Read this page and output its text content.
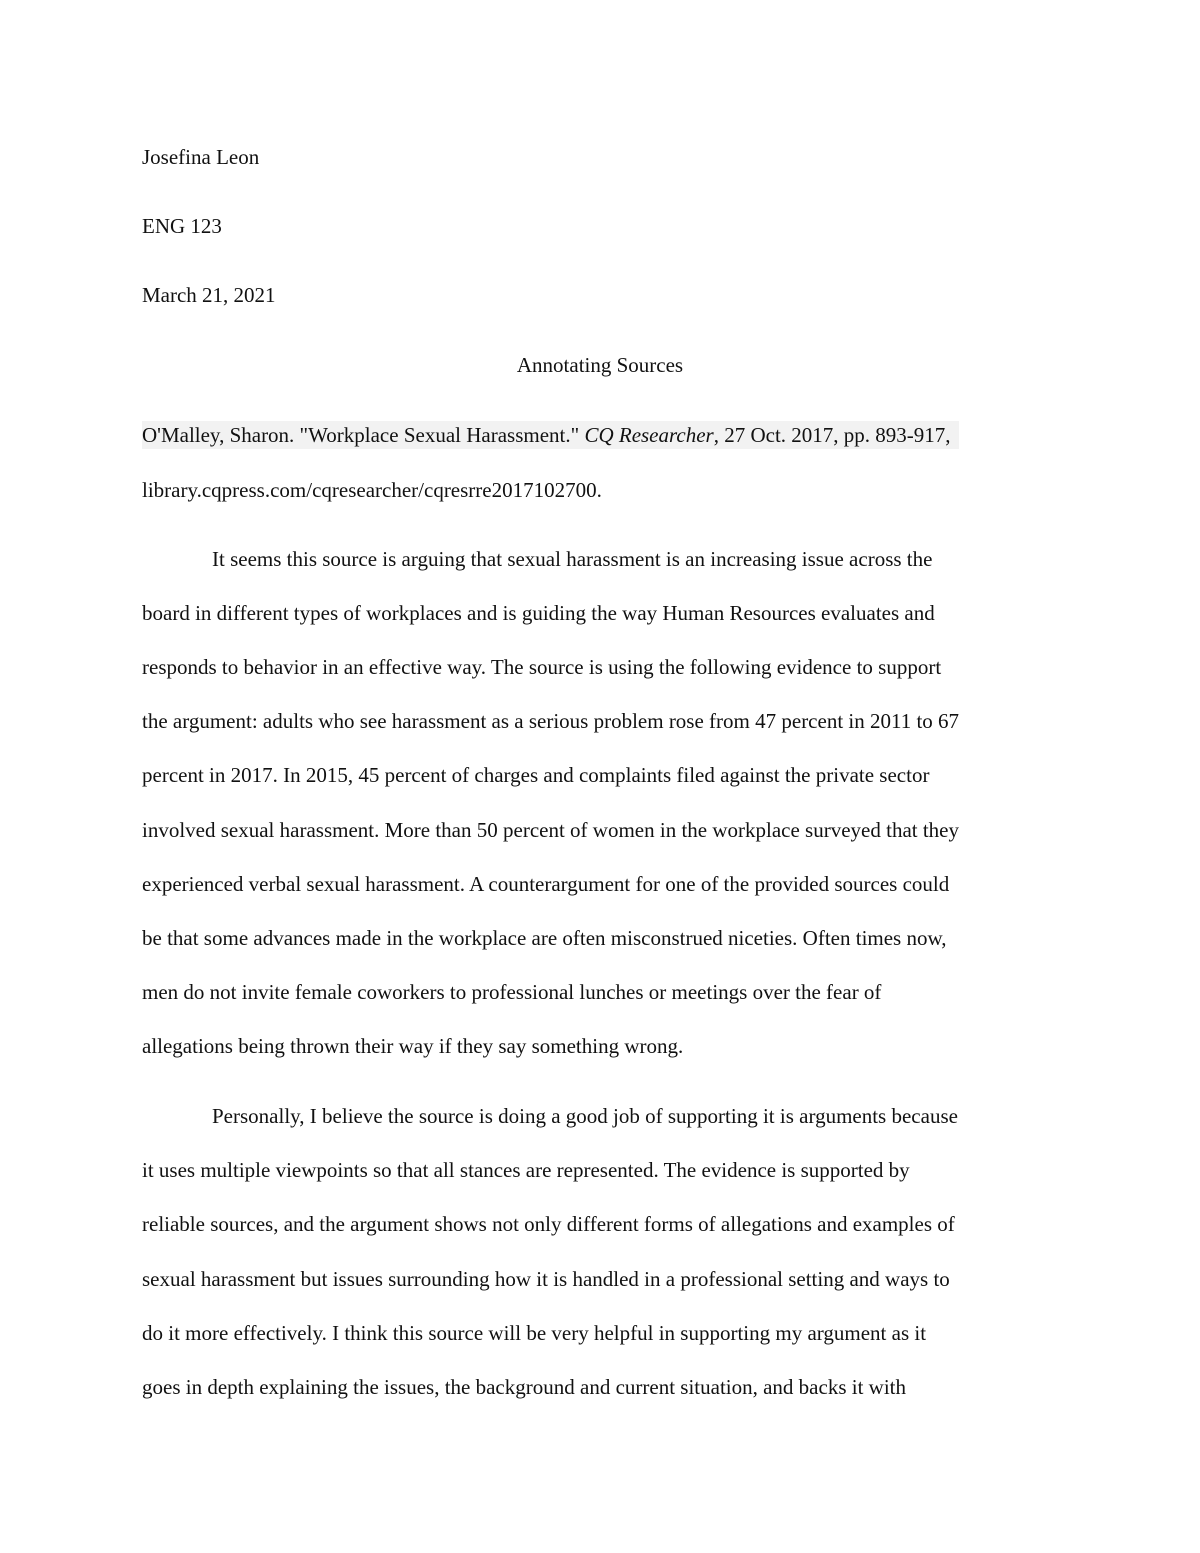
Josefina Leon
ENG 123
March 21, 2021
Annotating Sources
O'Malley, Sharon. "Workplace Sexual Harassment." CQ Researcher, 27 Oct. 2017, pp. 893-917,
library.cqpress.com/cqresearcher/cqresrre2017102700.
It seems this source is arguing that sexual harassment is an increasing issue across the
board in different types of workplaces and is guiding the way Human Resources evaluates and
responds to behavior in an effective way. The source is using the following evidence to support
the argument: adults who see harassment as a serious problem rose from 47 percent in 2011 to 67
percent in 2017. In 2015, 45 percent of charges and complaints filed against the private sector
involved sexual harassment. More than 50 percent of women in the workplace surveyed that they
experienced verbal sexual harassment. A counterargument for one of the provided sources could
be that some advances made in the workplace are often misconstrued niceties. Often times now,
men do not invite female coworkers to professional lunches or meetings over the fear of
allegations being thrown their way if they say something wrong.
Personally, I believe the source is doing a good job of supporting it is arguments because
it uses multiple viewpoints so that all stances are represented. The evidence is supported by
reliable sources, and the argument shows not only different forms of allegations and examples of
sexual harassment but issues surrounding how it is handled in a professional setting and ways to
do it more effectively. I think this source will be very helpful in supporting my argument as it
goes in depth explaining the issues, the background and current situation, and backs it with
